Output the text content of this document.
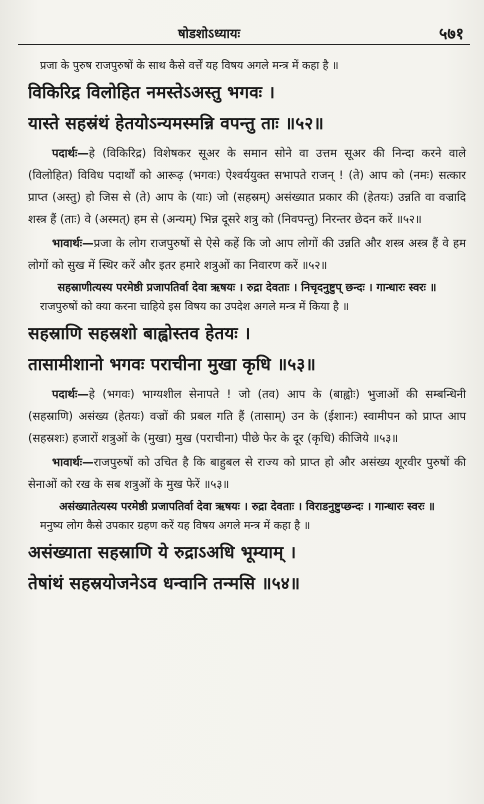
षोडशोऽध्यायः	५७१
प्रजा के पुरुष राजपुरुषों के साथ कैसे वर्त्तें यह विषय अगले मन्त्र में कहा है ॥
विकिरिद्र विलोहित नमस्तेऽअस्तु भगवः ।
यास्ते सहस्रंथं हेतयोऽन्यमस्मन्नि वपन्तु ताः ॥५२॥
पदार्थः—हे (विकिरिद्र) विशेषकर सूअर के समान सोने वा उत्तम सूअर की निन्दा करने वाले (विलोहित) विविध पदार्थों को आरूढ़ (भगवः) ऐश्वर्ययुक्त सभापते राजन् ! (ते) आप को (नमः) सत्कार प्राप्त (अस्तु) हो जिस से (ते) आप के (याः) जो (सहस्रम्) असंख्यात प्रकार की (हेतयः) उन्नति वा वज्रादि शस्त्र हैं (ताः) वे (अस्मत्) हम से (अन्यम्) भिन्न दूसरे शत्रु को (निवपन्तु) निरन्तर छेदन करें ॥५२॥
भावार्थः—प्रजा के लोग राजपुरुषों से ऐसे कहें कि जो आप लोगों की उन्नति और शस्त्र अस्त्र हैं वे हम लोगों को सुख में स्थिर करें और इतर हमारे शत्रुओं का निवारण करें ॥५२॥
सहस्राणीत्यस्य परमेष्ठी प्रजापतिर्वा देवा ऋषयः । रुद्रा देवताः । निचृदनुष्टुप् छन्दः । गान्धारः स्वरः ॥
राजपुरुषों को क्या करना चाहिये इस विषय का उपदेश अगले मन्त्र में किया है ॥
सहस्राणि सहस्रशो बाह्वोस्तव हेतयः ।
तासामीशानो भगवः पराचीना मुखा कृधि ॥५३॥
पदार्थः—हे (भगवः) भाग्यशील सेनापते ! जो (तव) आप के (बाह्वोः) भुजाओं की सम्बन्धिनी (सहस्राणि) असंख्य (हेतयः) वज्रों की प्रबल गति हैं (तासाम्) उन के (ईशानः) स्वामीपन को प्राप्त आप (सहस्रशः) हजारों शत्रुओं के (मुखा) मुख (पराचीना) पीछे फेर के दूर (कृधि) कीजिये ॥५३॥
भावार्थः—राजपुरुषों को उचित है कि बाहुबल से राज्य को प्राप्त हो और असंख्य शूरवीर पुरुषों की सेनाओं को रख के सब शत्रुओं के मुख फेरें ॥५३॥
असंख्यातेत्यस्य परमेष्ठी प्रजापतिर्वा देवा ऋषयः । रुद्रा देवताः । विराडनुष्टुप्छन्दः । गान्धारः स्वरः ॥
मनुष्य लोग कैसे उपकार ग्रहण करें यह विषय अगले मन्त्र में कहा है ॥
असंख्याता सहस्राणि ये रुद्राऽअधि भूम्याम् ।
तेषांथं सहस्रयोजनेऽव धन्वानि तन्मसि ॥५४॥
